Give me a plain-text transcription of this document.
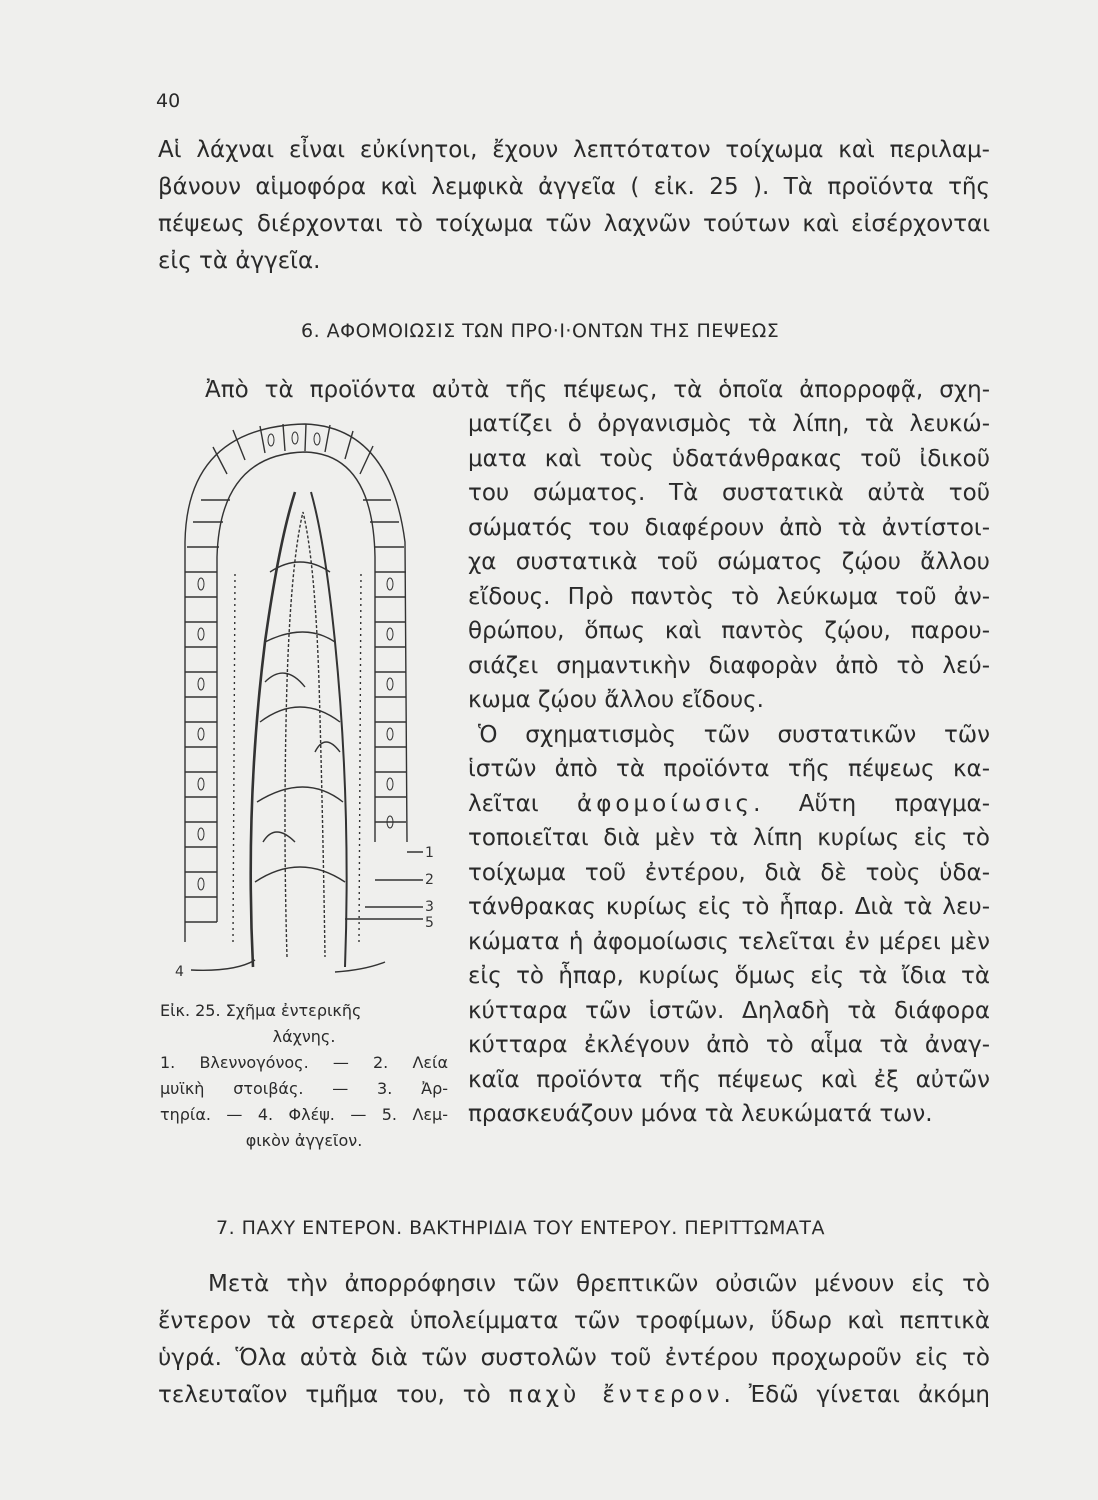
40
Αἱ λάχναι εἶναι εὐκίνητοι, ἔχουν λεπτότατον τοίχωμα καὶ περιλαμ-
βάνουν αἱμοφόρα καὶ λεμφικὰ ἀγγεῖα ( εἰκ. 25 ). Τὰ προϊόντα τῆς
πέψεως διέρχονται τὸ τοίχωμα τῶν λαχνῶν τούτων καὶ εἰσέρχονται
εἰς τὰ ἀγγεῖα.
6. ΑΦΟΜΟΙΩΣΙΣ ΤΩΝ ΠΡΟ·Ι·ΟΝΤΩΝ ΤΗΣ ΠΕΨΕΩΣ
Ἀπὸ τὰ προϊόντα αὐτὰ τῆς πέψεως, τὰ ὁποῖα ἀπορροφᾷ, σχη-
ματίζει ὁ ὀργανισμὸς τὰ λίπη, τὰ λευκώ-
ματα καὶ τοὺς ὑδατάνθρακας τοῦ ἰδικοῦ
του σώματος. Τὰ συστατικὰ αὐτὰ τοῦ
σώματός του διαφέρουν ἀπὸ τὰ ἀντίστοι-
χα συστατικὰ τοῦ σώματος ζῴου ἄλλου
εἴδους. Πρὸ παντὸς τὸ λεύκωμα τοῦ ἀν-
θρώπου, ὅπως καὶ παντὸς ζῴου, παρου-
σιάζει σημαντικὴν διαφορὰν ἀπὸ τὸ λεύ-
κωμα ζῴου ἄλλου εἴδους.
Ὁ σχηματισμὸς τῶν συστατικῶν τῶν
ἱστῶν ἀπὸ τὰ προϊόντα τῆς πέψεως κα-
λεῖται ἀφομοίωσις. Αὕτη πραγμα-
τοποιεῖται διὰ μὲν τὰ λίπη κυρίως εἰς τὸ
τοίχωμα τοῦ ἐντέρου, διὰ δὲ τοὺς ὑδα-
τάνθρακας κυρίως εἰς τὸ ἧπαρ. Διὰ τὰ λευ-
κώματα ἡ ἀφομοίωσις τελεῖται ἐν μέρει μὲν
εἰς τὸ ἧπαρ, κυρίως ὅμως εἰς τὰ ἴδια τὰ
κύτταρα τῶν ἱστῶν. Δηλαδὴ τὰ διάφορα
κύτταρα ἐκλέγουν ἀπὸ τὸ αἷμα τὰ ἀναγ-
καῖα προϊόντα τῆς πέψεως καὶ ἐξ αὐτῶν
πρασκευάζουν μόνα τὰ λευκώματά των.
1
2
3
5
4
Εἰκ. 25. Σχῆμα ἐντερικῆς
λάχνης.
1. Βλεννογόνος. — 2. Λεία
μυϊκὴ στοιβάς. — 3. Ἀρ-
τηρία. — 4. Φλέψ. — 5. Λεμ-
φικὸν ἀγγεῖον.
7. ΠΑΧΥ ΕΝΤΕΡΟΝ. ΒΑΚΤΗΡΙΔΙΑ ΤΟΥ ΕΝΤΕΡΟΥ. ΠΕΡΙΤΤΩΜΑΤΑ
Μετὰ τὴν ἀπορρόφησιν τῶν θρεπτικῶν οὐσιῶν μένουν εἰς τὸ
ἔντερον τὰ στερεὰ ὑπολείμματα τῶν τροφίμων, ὕδωρ καὶ πεπτικὰ
ὑγρά. Ὅλα αὐτὰ διὰ τῶν συστολῶν τοῦ ἐντέρου προχωροῦν εἰς τὸ
τελευταῖον τμῆμα του, τὸ παχὺ ἔντερον. Ἐδῶ γίνεται ἀκόμη
